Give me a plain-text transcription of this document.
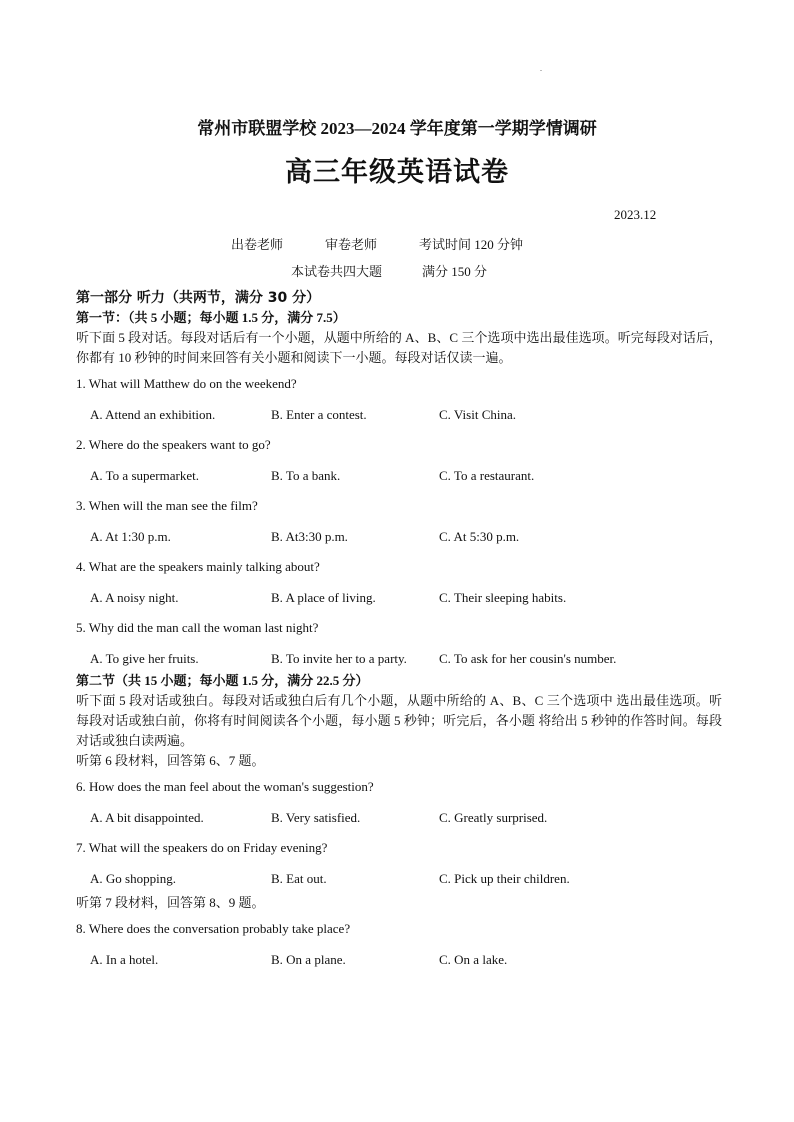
.
常州市联盟学校 2023—2024 学年度第一学期学情调研
高三年级英语试卷
2023.12
出卷老师	审卷老师	考试时间 120 分钟
本试卷共四大题	满分 150 分
第一部分 听力（共两节，满分 30 分）
第一节：（共 5 小题；每小题 1.5 分，满分 7.5）
听下面 5 段对话。每段对话后有一个小题，从题中所给的 A、B、C 三个选项中选出最佳选项。听完每段对话后，你都有 10 秒钟的时间来回答有关小题和阅读下一小题。每段对话仅读一遍。
1. What will Matthew do on the weekend?
A. Attend an exhibition.	B. Enter a contest.	C. Visit China.
2. Where do the speakers want to go?
A. To a supermarket.	B. To a bank.	C. To a restaurant.
3. When will the man see the film?
A. At 1:30 p.m.	B. At3:30 p.m.	C. At 5:30 p.m.
4. What are the speakers mainly talking about?
A. A noisy night.	B. A place of living.	C. Their sleeping habits.
5. Why did the man call the woman last night?
A. To give her fruits.	B. To invite her to a party. C. To ask for her cousin's number.
第二节（共 15 小题；每小题 1.5 分，满分 22.5 分）
听下面 5 段对话或独白。每段对话或独白后有几个小题，从题中所给的 A、B、C 三个选项中 选出最佳选项。听每段对话或独白前，你将有时间阅读各个小题，每小题 5 秒钟；听完后，各小题 将给出 5 秒钟的作答时间。每段对话或独白读两遍。
听第 6 段材料，回答第 6、7 题。
6. How does the man feel about the woman's suggestion?
A. A bit disappointed.	B. Very satisfied.	C. Greatly surprised.
7. What will the speakers do on Friday evening?
A. Go shopping.	B. Eat out.	C. Pick up their children.
听第 7 段材料，回答第 8、9 题。
8. Where does the conversation probably take place?
A. In a hotel.	B. On a plane.	C. On a lake.
